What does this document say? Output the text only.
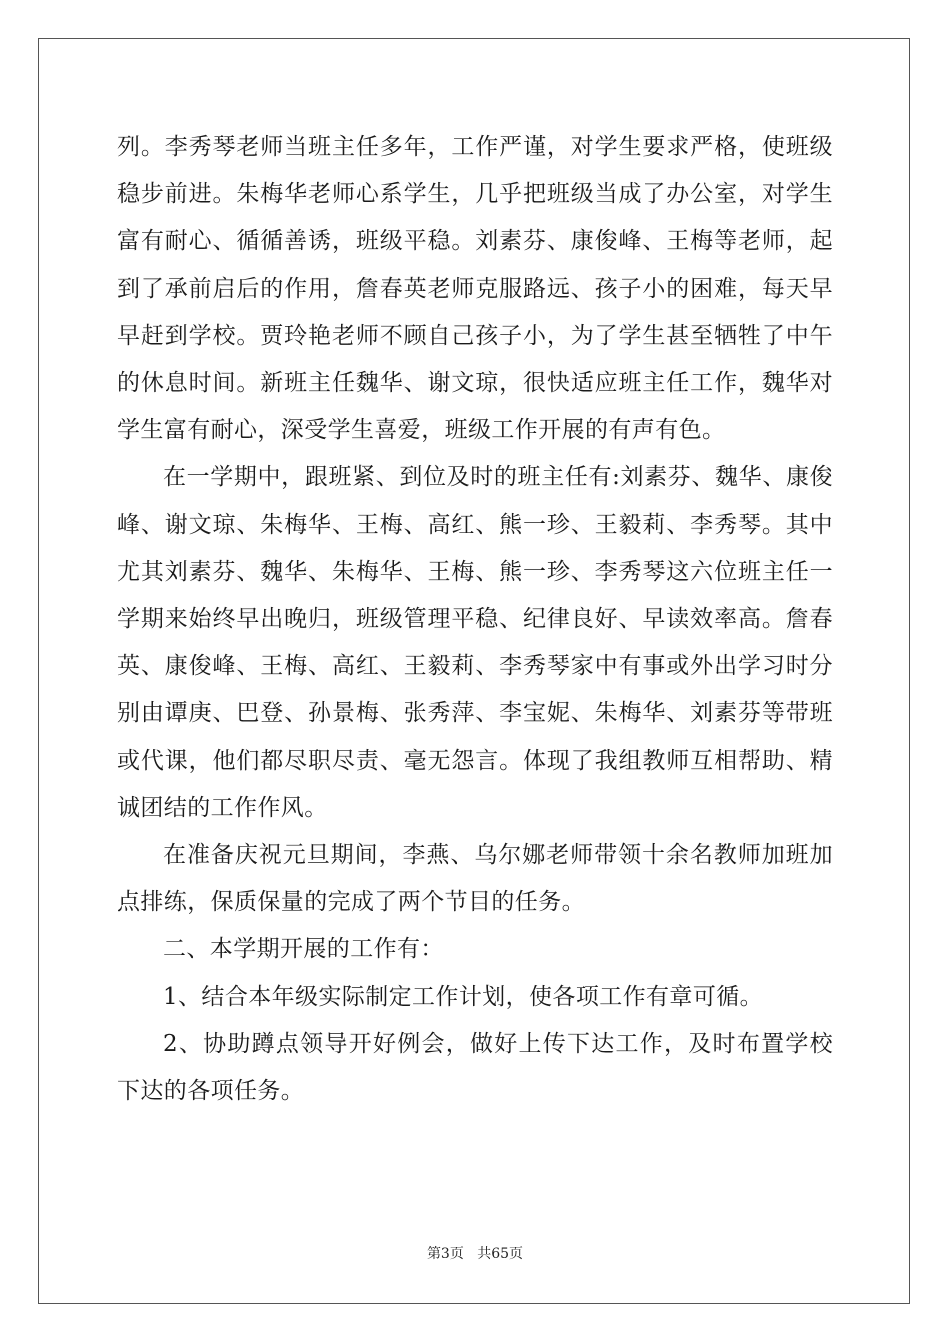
列。李秀琴老师当班主任多年，工作严谨，对学生要求严格，使班级稳步前进。朱梅华老师心系学生，几乎把班级当成了办公室，对学生富有耐心、循循善诱，班级平稳。刘素芬、康俊峰、王梅等老师，起到了承前启后的作用，詹春英老师克服路远、孩子小的困难，每天早早赶到学校。贾玲艳老师不顾自己孩子小，为了学生甚至牺牲了中午的休息时间。新班主任魏华、谢文琼，很快适应班主任工作，魏华对学生富有耐心，深受学生喜爱，班级工作开展的有声有色。

在一学期中，跟班紧、到位及时的班主任有:刘素芬、魏华、康俊峰、谢文琼、朱梅华、王梅、高红、熊一珍、王毅莉、李秀琴。其中尤其刘素芬、魏华、朱梅华、王梅、熊一珍、李秀琴这六位班主任一学期来始终早出晚归，班级管理平稳、纪律良好、早读效率高。詹春英、康俊峰、王梅、高红、王毅莉、李秀琴家中有事或外出学习时分别由谭庚、巴登、孙景梅、张秀萍、李宝妮、朱梅华、刘素芬等带班或代课，他们都尽职尽责、毫无怨言。体现了我组教师互相帮助、精诚团结的工作作风。

在准备庆祝元旦期间，李燕、乌尔娜老师带领十余名教师加班加点排练，保质保量的完成了两个节目的任务。

二、本学期开展的工作有：

1、结合本年级实际制定工作计划，使各项工作有章可循。

2、协助蹲点领导开好例会，做好上传下达工作，及时布置学校下达的各项任务。

第3页 共65页
